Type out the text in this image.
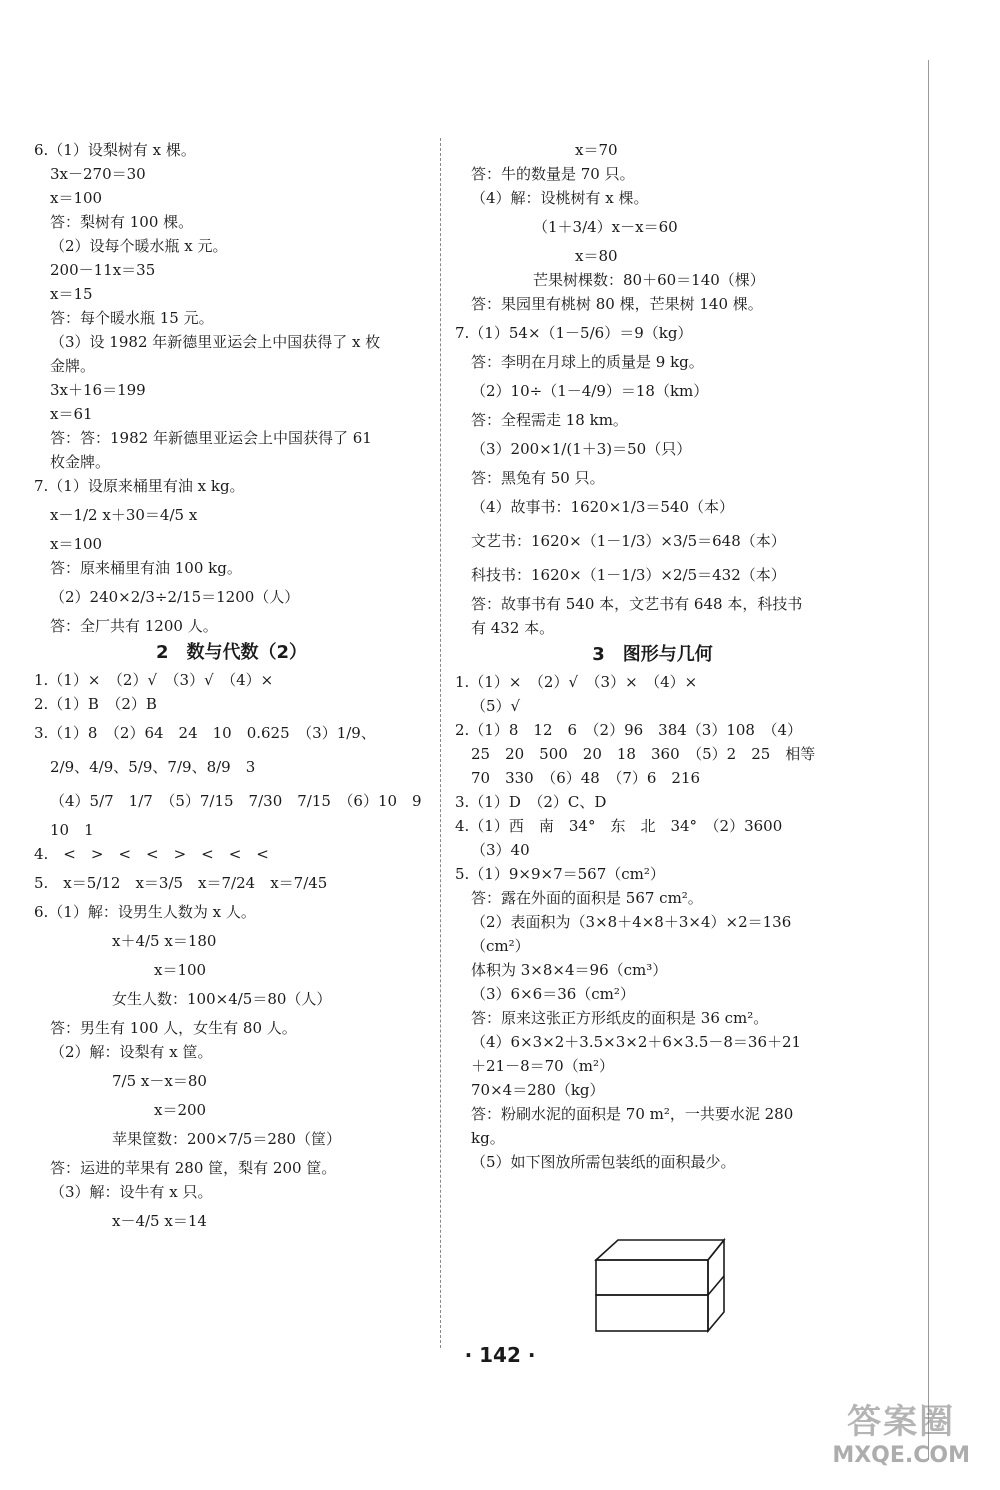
6.（1）设梨树有 x 棵。
3x－270＝30
x＝100
答：梨树有 100 棵。
（2）设每个暖水瓶 x 元。
200－11x＝35
x＝15
答：每个暖水瓶 15 元。
（3）设 1982 年新德里亚运会上中国获得了 x 枚
金牌。
3x＋16＝199
x＝61
答：答：1982 年新德里亚运会上中国获得了 61
枚金牌。
7.（1）设原来桶里有油 x kg。
x－1/2 x＋30＝4/5 x
x＝100
答：原来桶里有油 100 kg。
（2）240×2/3÷2/15＝1200（人）
答：全厂共有 1200 人。
2　数与代数（2）
1.（1）×　（2）√　（3）√　（4）×
2.（1）B　（2）B
3.（1）8　（2）64　24　10　0.625　（3）1/9、
2/9、4/9、5/9、7/9、8/9　3
（4）5/7　1/7　（5）7/15　7/30　7/15　（6）10　9
10　1
4.　<　>　<　<　>　<　<　<
5.　x＝5/12　x＝3/5　x＝7/24　x＝7/45
6.（1）解：设男生人数为 x 人。
x＋4/5 x＝180
x＝100
女生人数：100×4/5＝80（人）
答：男生有 100 人，女生有 80 人。
（2）解：设梨有 x 筐。
7/5 x－x＝80
x＝200
苹果筐数：200×7/5＝280（筐）
答：运进的苹果有 280 筐，梨有 200 筐。
（3）解：设牛有 x 只。
x－4/5 x＝14
x＝70
答：牛的数量是 70 只。
（4）解：设桃树有 x 棵。
（1＋3/4）x－x＝60
x＝80
芒果树棵数：80＋60＝140（棵）
答：果园里有桃树 80 棵，芒果树 140 棵。
7.（1）54×（1－5/6）＝9（kg）
答：李明在月球上的质量是 9 kg。
（2）10÷（1－4/9）＝18（km）
答：全程需走 18 km。
（3）200×1/(1＋3)＝50（只）
答：黑兔有 50 只。
（4）故事书：1620×1/3＝540（本）
文艺书：1620×（1－1/3）×3/5＝648（本）
科技书：1620×（1－1/3）×2/5＝432（本）
答：故事书有 540 本，文艺书有 648 本，科技书
有 432 本。
3　图形与几何
1.（1）×　（2）√　（3）×　（4）×
（5）√
2.（1）8　12　6　（2）96　384（3）108　（4）
25　20　500　20　18　360　（5）2　25　相等
70　330　（6）48　（7）6　216
3.（1）D　（2）C、D
4.（1）西　南　34°　东　北　34°　（2）3600
（3）40
5.（1）9×9×7＝567（cm²）
答：露在外面的面积是 567 cm²。
（2）表面积为（3×8＋4×8＋3×4）×2＝136
（cm²）
体积为 3×8×4＝96（cm³）
（3）6×6＝36（cm²）
答：原来这张正方形纸皮的面积是 36 cm²。
（4）6×3×2＋3.5×3×2＋6×3.5－8＝36＋21
＋21－8＝70（m²）
70×4＝280（kg）
答：粉刷水泥的面积是 70 m²，一共要水泥 280
kg。
（5）如下图放所需包装纸的面积最少。
· 142 ·
答案圈
MXQE.COM
